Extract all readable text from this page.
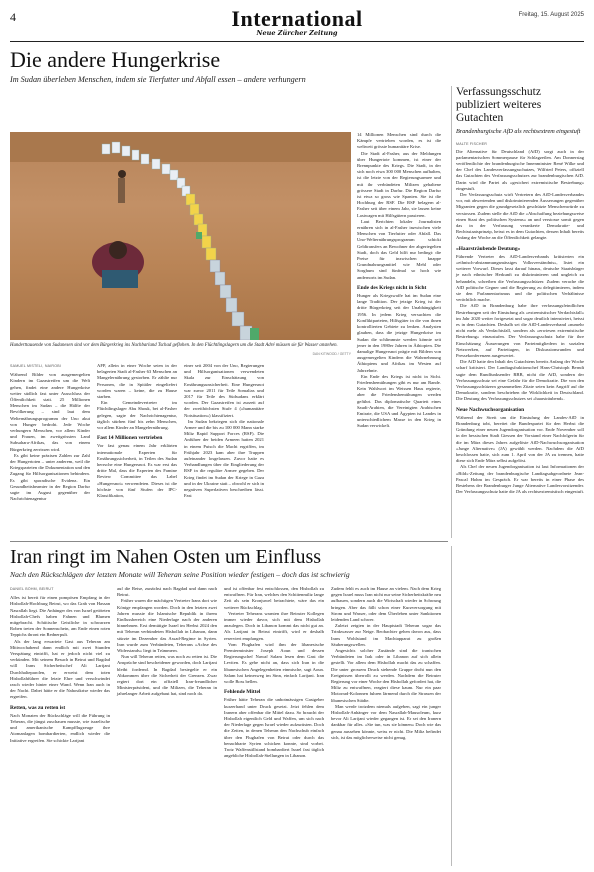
4	International
Neue Zürcher Zeitung
Freitag, 15. August 2025
Die andere Hungerkrise
Im Sudan überleben Menschen, indem sie Tierfutter und Abfall essen – andere verhungern
Hunderttausende von Sudanesen sind vor dem Bürgerkrieg ins Nachbarland Tschad geflohen. In den Flüchtlingslagern um die Stadt Adré müssen sie für Wasser anstehen.
DAN KITWOOD / GETTY
SAMUEL MISTELI, NAIROBI

Während Bilder von ausgemergelten Kindern im Gazastreifen um die Welt gehen, findet eine andere Hungerkrise weiter südlich fast unter Ausschluss der Öffentlichkeit statt. 25 Millionen Menschen im Sudan – die Hälfte der Bevölkerung – sind laut dem Welternährungsprogramm der Uno akut von Hunger bedroht. Jede Woche verhungern Menschen, vor allem Kinder und Frauen, im zweitgrössten Land Subsahara-Afrikas, das von einem Bürgerkrieg zerrissen wird.

Es gibt keine präzisen Zahlen zur Zahl der Hungertoten – unter anderem, weil die Kriegsparteien die Dokumentation und den Zugang für Hilfsorganisationen behindern. Es gibt sporadische Evidenz. Ein Gesundheitsbeamter in der Region Darfur sagte im August gegenüber der Nachrichtenagentur

AFP, allein in einer Woche seien in der belagerten Stadt al-Fasher 63 Menschen an Mangelernährung gestorben. Er zählte nur Personen, die in Spitäler eingeliefert worden waren – keine, die zu Hause starben.

Ein Gemeindevertreter im Flüchtlingslager Abu Shouk, bei al-Fasher gelegen, sagte der Nachrichtenagentur, täglich stürben fünf bis zehn Menschen, vor allem Kinder an Mangelernährung.

Fast 14 Millionen vertrieben

Vor fast genau einem Jahr erklärten internationale Experten für Ernährungssicherheit, in Teilen des Sudan herrsche eine Hungersnot. Es war erst das dritte Mal, dass die Experten des Famine Review Committee das Label «Hungersnot» verwendeten. Dieses ist die höchste von fünf Stufen der IPC-Klassifikation,

einer seit 2004 von der Uno, Regierungen und Hilfsorganisationen verwendeten Skala zur Einschätzung von Ernährungsunsicherheit. Eine Hungersnot war zuvor 2011 für Teile Somalias und 2017 für Teile des Südsudans erklärt worden. Der Gazastreifen ist zurzeit auf der zweithöchsten Stufe 4 («humanitäre Notsituation») klassifiziert.

Im Sudan bekriegen sich die nationale Armee und die bis zu 100 000 Mann starke Miliz Rapid Support Forces (RSF). Die Anführer der beiden Armeen hatten 2021 in einem Putsch die Macht ergriffen, im Frühjahr 2023 kam aber ihre Truppen aufeinander losgelassen. Zuvor hatte es Verhandlungen über die Eingliederung der RSF in die reguläre Armee gegeben. Der Krieg findet im Sudan der Kriege in Gaza und in der Ukraine statt – obwohl er sich in negativen Superlativen beschreiben lässt. Fast

14 Millionen Menschen sind durch die Kämpfe vertrieben worden, es ist die weltweit grösste humanitäre Krise.

Die Stadt al-Fasher, aus der Meldungen über Hungertote kommen, ist einer der Brennpunkte des Kriegs. Die Stadt, in der sich noch etwa 300 000 Menschen aufhalten, ist die letzte von der Regierungsarmee und mit ihr verbündeten Milizen gehaltene grössere Stadt in Darfur. Die Region Darfur ist etwa so gross wie Spanien. Sie ist die Hochburg der RSF. Die RSF belagern al-Fasher seit über einem Jahr, sie lassen keine Lastwagen mit Hilfsgütern passieren.

Laut Berichten lokaler Journalisten ernähren sich in al-Fasher inzwischen viele Menschen von Tierfutter oder Abfall. Das Uno-Welternährungsprogramm schickt Geldtransfers an Bewohner der abgeriegelten Stadt, doch das Geld hilft nur bedingt: die Preise für inzwischen knappe Grundnahrungsmittel wie Mehl oder Sorghum sind fünfmal so hoch wie andernorts im Sudan.

Ende des Kriegs nicht in Sicht

Hunger als Kriegswaffe hat im Sudan eine lange Tradition. Der jetzige Krieg ist der dritte Bürgerkrieg seit der Unabhängigkeit 1956. In jedem Krieg versuchten die Konfliktparteien, Hilfsgüter in die von ihnen kontrollierten Gebiete zu lenken. Analysten glauben, dass die jetzige Hungerkrise im Sudan die schlimmste werden könnte seit jener in den 1980er Jahren in Äthiopien. Die damalige Hungersnot prägte mit Bildern von ausgemergelten Kindern die Wahrnehmung Äthiopiens und Afrikas im Westen auf Jahrzehnte.

Ein Ende des Kriegs ist nicht in Sicht. Friedensbemühungen gibt es nur am Rande. Kein Wahlwort im Weissen Haus regierte, aber die Friedensbemühungen werden geführt. Das diplomatische Quartett eines Saudi-Arabien, die Vereinigten Arabischen Emirate, die USA und Ägypten ist Landes in unterschiedlichem Masse in den Krieg in Sudan verwickelt.

Verfassungsschutz publiziert weiteres Gutachten
Brandenburgische AfD als rechtsextrem eingestuft
MALTE FISCHER

Die Alternative für Deutschland (AfD) sorgt auch in der parlamentarischen Sommerpause für Schlagzeilen. Am Donnerstag veröffentlichte der brandenburgische Innenminister René Wilke und der Chef des Landesverfassungsschutzes, Wilfried Peters, offiziell das Gutachten des Verfassungsschutzes zur brandenburgischen AfD. Darin wird die Partei als «gesichert extremistische Bestrebung» eingestuft.

Der Verfassungsschutz wirft Vertretern des AfD-Landesverbandes vor, mit abwertenden und diskriminierenden Äusserungen gegenüber Migranten gegen die grundgesetzlich geschützte Menschenwürde zu verstossen. Zudem stelle die AfD die «Abschaffung beziehungsweise einen Staat des politischen Systems» an und verstosse somit gegen das in der Verfassung verankerte Demokratie- und Rechtsstaatsprinzip, heisst es in dem Gutachten, dessen Inhalt bereits Anfang der Woche an die Öffentlichkeit gelangte.

«Haarsträubende Deutung»

Führende Vertreter des AfD-Landesverbands kritisierten ein «ethnisch-abstammungsmässiges Volksverständnis», listet ein weiterer Vorwurf. Dieses lasst darauf hinaus, deutsche Staatsbürger je nach ethnischer Herkunft zu diskriminieren und ungleich zu behandeln, schreiben die Verfassungsschützer. Zudem verache die AfD politische Gegner und die Regierung zu delegitimieren, indem sie den Parlamentarismus und die politischen Verhältnisse verächtlich mache.

Die AfD in Brandenburg habe ihre verfassungsfeindlichen Bestrebungen seit der Einstufung als «extremistischer Verdachtsfall» im Jahr 2020 weiter fortgesetzt und sogar deutlich intensiviert, heisst es in dem Gutachten. Deshalb sei die AfD-Landesverband «numehr nicht mehr als Verdachtsfall, sondern als «erwiesen extremistische Bestrebung» einzustufen. Der Verfassungsschutz habe für ihre Einschätzung Äusserungen von Parteimitgliedern in sozialen Netzwerken, auf Parteitagen, in Diskussionsrunden und Pressekonferenzen ausgewertet.

Die AfD hatte den Inhalt des Gutachtens bereits Anfang der Woche scharf kritisiert. Der Landtagsfraktionschef Hans-Christoph Berndt sagte dem Rundfunksender RBB, nicht die AfD, sondern der Verfassungsschutz sei eine Gefahr für die Demokratie. Die von den Verfassungsschützern gesammelten Zitate seien kein Angriff auf die Demokratie, sondern beschrieben die Wirklichkeit in Deutschland. Die Deutung des Verfassungsschutzes sei «haarsträubend».

Neue Nachwuchsorganisation

Während der Streit um die Einstufung der Landes-AfD in Brandenburg tobt, bereitet die Bundespartei für den Herbst die Gründung einer neuen Jugendorganisation vor. Ende November soll in der hessischen Stadt Giessen der Vorstand einer Nachfolgerin für die im März dieses Jahres aufgelöste AfD-Nachwuchsorganisation «Junge Alternative» (JA) gewählt werden. Nachdem die AfD beschlossen hatte, sich zum 1. April von der JA zu trennen, hatte diese sich Ende März selbst aufgelöst.

Als Chef der neuen Jugendorganisation ist laut Informationen der «Bild»-Zeitung der brandenburgische Landtagsabgeordnete Jean-Pascal Hohm im Gespräch. Er war bereits in einer Phase des Bestehens der Brandenburger Junge Alternative Landesvorsitzender. Der Verfassungsschutz hatte die JA als rechtsextremistisch eingestuft.

Iran ringt im Nahen Osten um Einfluss
Nach den Rückschlägen der letzten Monate will Teheran seine Position wieder festigen – doch das ist schwierig
DANIEL BÖHM, BEIRUT

Alles ist bereit für einen pompösen Empfang in der Hisbollah-Hochburg Beirut, wo das Grab von Hassan Nasrallah liegt. Die Anhänger des von Israel getöteten Hisbollah-Chefs haben Fahnen und Blumen mitgebracht. Schiitische Geistliche in schwarzen Roben treten der Sonnenschein, am Ende einen roten Teppichs thront ein Rednerpult.

Als der lang erwartete Gast aus Teheran am Mittwochabend dann endlich mit zwei Stunden Verspätung eintrifft, hat er jedoch nicht viel zu verkünden. Mit seinem Besuch in Beirut und Bagdad will Irans Sicherheitschef Ali Larijani Durchhalteparolen, er erweist dem toten Hisbollahführer die letzte Ehre und verschwindet rasch wieder hinter einer Wand. Wenn Iran auch in der Nacht. Dabei hätte er die Nahostkrise wieder das ergreifen.

Retten, was zu retten ist

Nach Monaten der Rückschläge will die Führung in Teheran, die jüngst zuschauen musste, wie israelische und amerikanische Kampfflugzeuge ihre Atomanlagen bombardierten, endlich wieder die Initiative ergreifen. Sie schickte Larijani

auf die Reise, zunächst nach Bagdad und dann nach Beirut.

Früher waren die mächtigen Vertreter Irans dort wie Könige empfangen worden. Doch in den letzten zwei Jahren musste die Islamische Republik in ihrem Einflussbereich eine Niederlage nach der anderen hinnehmen. Erst demütigte Israel im Herbst 2024 den mit Teheran verbündeten Hisbollah in Libanon, dann stürzte im Dezember das Assad-Regime in Syrien. Iran wurde zum Verbündeten, Teherans «Achse des Widerstands» liegt in Trümmern.

Nun will Teheran retten, was noch zu retten ist. Die Ansprüche sind bescheidener geworden, doch Larijani bleibt fordernd. In Bagdad besiegelte er ein Abkommen über die Sicherheit der Grenzen. Zwar regiert dort ein offiziell Iran-freundlicher Ministerpräsident, und die Milizen, die Teheran in jahrelanger Arbeit aufgebaut hat, sind noch da.

und ist offenbar fest entschlossen, den Hisbollah zu entwaffnen. Für Iran, welches den Schiitenmiliz lange Zeit als sein Kronjuwel betrachtete, wäre das ein weiterer Rückschlag.

Vertreter Teherans warnten ihre Beiruter Kollegen immer wieder davor, sich mit dem Hisbollah anzulegen. Doch in Libanon kommt das nicht gut an. Als Larijani in Beirut eintrifft, wird er deshalb reserviert empfangen.

Vom Flughafen wird ihm der libanesische Premierminister Joseph Aoun und dessen Regierungschef Nawaf Salam lesen dem Gast die Leviten. Es gehe nicht an, dass sich Iran in die libanesischen Angelegenheiten einmische, sagt Aoun. Salam hat keinesweg im Sinn, einfach Larijani. Iran wolle Boss bellen.

Fehlende Mittel

Früher hätte Teheran die unbotmässigen Gastgeber kurzerhand unter Druck gesetzt. Jetzt fehlen dem Iranern aber offenbar die Mittel dazu. So braucht der Hisbollah eigentlich Geld und Waffen, um sich nach der Niederlage gegen Israel wieder aufzurüsten. Doch die Zeiten, in denen Teheran den Nachschub einfach über den Flughafen von Beirut oder durch das benachbarte Syrien schicken konnte, sind vorbei. Trotz Waffenstillstand bombardiert Israel fast täglich angebliche Hisbollah-Stellungen in Libanon.

Zudem fehlt es auch im Hause an vielem. Nach dem Krieg gegen Israel muss Iran nicht nur seine Sicherheitskräfte neu aufbauen, sondern auch die Wirtschaft wieder in Schwung bringen. Aber das fällt schon einer Kurzversorgung mit Strom und Wasser, oder dem Überleben unter Sanktionen leidenden Land schwer.

Zuletzt zeigten in der Hauptstadt Teheran sogar das Trinkwasser zur Neige. Beobachter gehen davon aus, dass Irans Wohlstand im Machtapparat zu großen Säuberungswellen.

Angesichts solcher Zustände sind die iranischen Verbündeten im Irak oder in Libanon auf sich allein gestellt. Vor allem dem Hisbollah macht das zu schaffen. Die unter grossem Druck stehende Gruppe droht nun den Ereignissen überrollt zu werden. Nachdem die Beiruter Regierung vor einer Woche den Hisbollah gefordert hat, die Miliz zu entwaffnen, reagiert diese kaum. Nur ein paar Motorrad-Kolonnen fuhren lärmend durch die Strassen der libanesischen Städte.

Man werde trotzdem niemals aufgeben, sagt ein junger Hisbollah-Anhänger vor dem Nasrallah-Mausoleum, kurz bevor Ali Larijani wieder gegangen ist. Er sei den Iranern dankbar für alles. «Sie tun, was sie können» Doch wie das genau aussehen könnte, weiss er nicht. Die Miliz befindet sich, ist das möglicherweise nicht genug.
